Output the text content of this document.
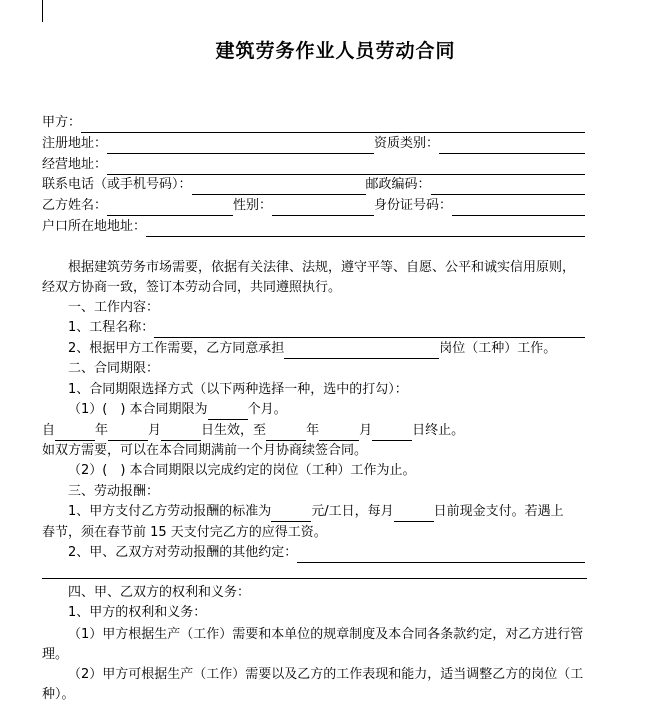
建筑劳务作业人员劳动合同
甲方：
注册地址：	资质类别：
经营地址：
联系电话（或手机号码）：	邮政编码：
乙方姓名：	性别：	身份证号码：
户口所在地地址：
根据建筑劳务市场需要，依据有关法律、法规，遵守平等、自愿、公平和诚实信用原则，经双方协商一致，签订本劳动合同，共同遵照执行。
一、工作内容：
1、工程名称：
2、根据甲方工作需要，乙方同意承担	岗位（工种）工作。
二、合同期限：
1、合同期限选择方式（以下两种选择一种，选中的打勾）：
（1）(　) 本合同期限为	个月。
自	年	月	日生效，至	年	月	日终止。
如双方需要，可以在本合同期满前一个月协商续签合同。
（2）(　) 本合同期限以完成约定的岗位（工种）工作为止。
三、劳动报酬：
1、甲方支付乙方劳动报酬的标准为	元/工日，每月	日前现金支付。若遇上
春节，须在春节前 15 天支付完乙方的应得工资。
2、甲、乙双方对劳动报酬的其他约定：
四、甲、乙双方的权利和义务：
1、甲方的权利和义务：
（1）甲方根据生产（工作）需要和本单位的规章制度及本合同各条款约定，对乙方进行管理。
（2）甲方可根据生产（工作）需要以及乙方的工作表现和能力，适当调整乙方的岗位（工种）。
